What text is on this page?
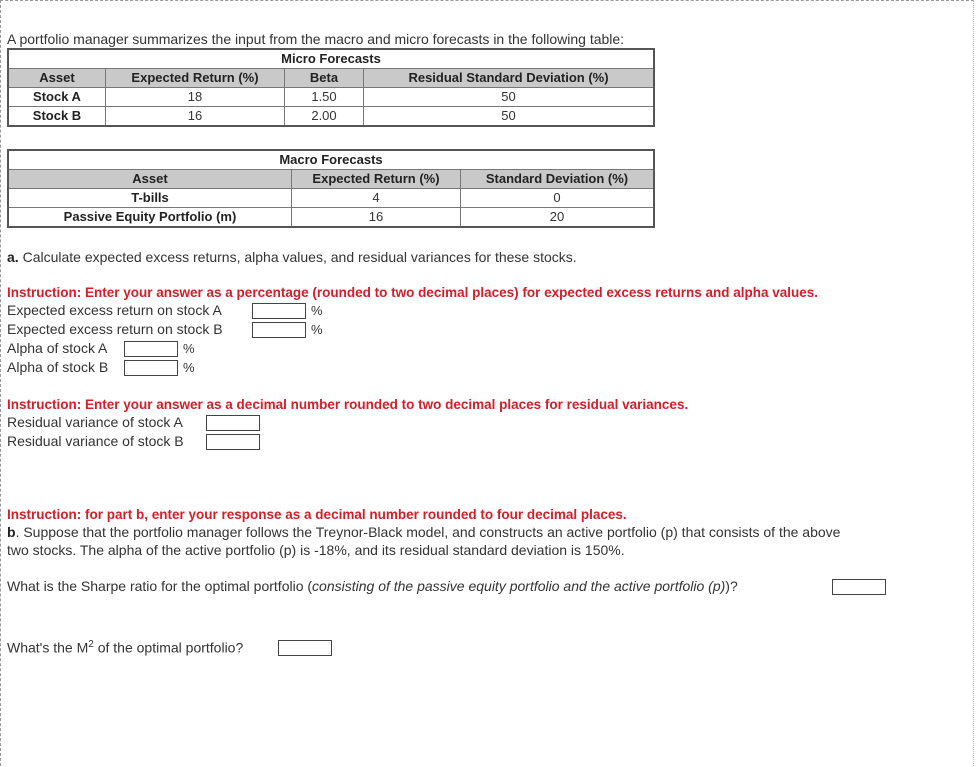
A portfolio manager summarizes the input from the macro and micro forecasts in the following table:
Micro Forecasts			
Asset	Expected Return (%)	Beta	Residual Standard Deviation (%)
Stock A	18	1.50	50
Stock B	16	2.00	50
Macro Forecasts		
Asset	Expected Return (%)	Standard Deviation (%)
T-bills	4	0
Passive Equity Portfolio (m)	16	20
a. Calculate expected excess returns, alpha values, and residual variances for these stocks.
Instruction: Enter your answer as a percentage (rounded to two decimal places) for expected excess returns and alpha values.
Expected excess return on stock A	%
Expected excess return on stock B	%
Alpha of stock A	%
Alpha of stock B	%
Instruction: Enter your answer as a decimal number rounded to two decimal places for residual variances.
Residual variance of stock A
Residual variance of stock B
Instruction: for part b, enter your response as a decimal number rounded to four decimal places.
b. Suppose that the portfolio manager follows the Treynor-Black model, and constructs an active portfolio (p) that consists of the above
two stocks. The alpha of the active portfolio (p) is -18%, and its residual standard deviation is 150%.
What is the Sharpe ratio for the optimal portfolio (consisting of the passive equity portfolio and the active portfolio (p))?
What's the $M^2$ of the optimal portfolio?
